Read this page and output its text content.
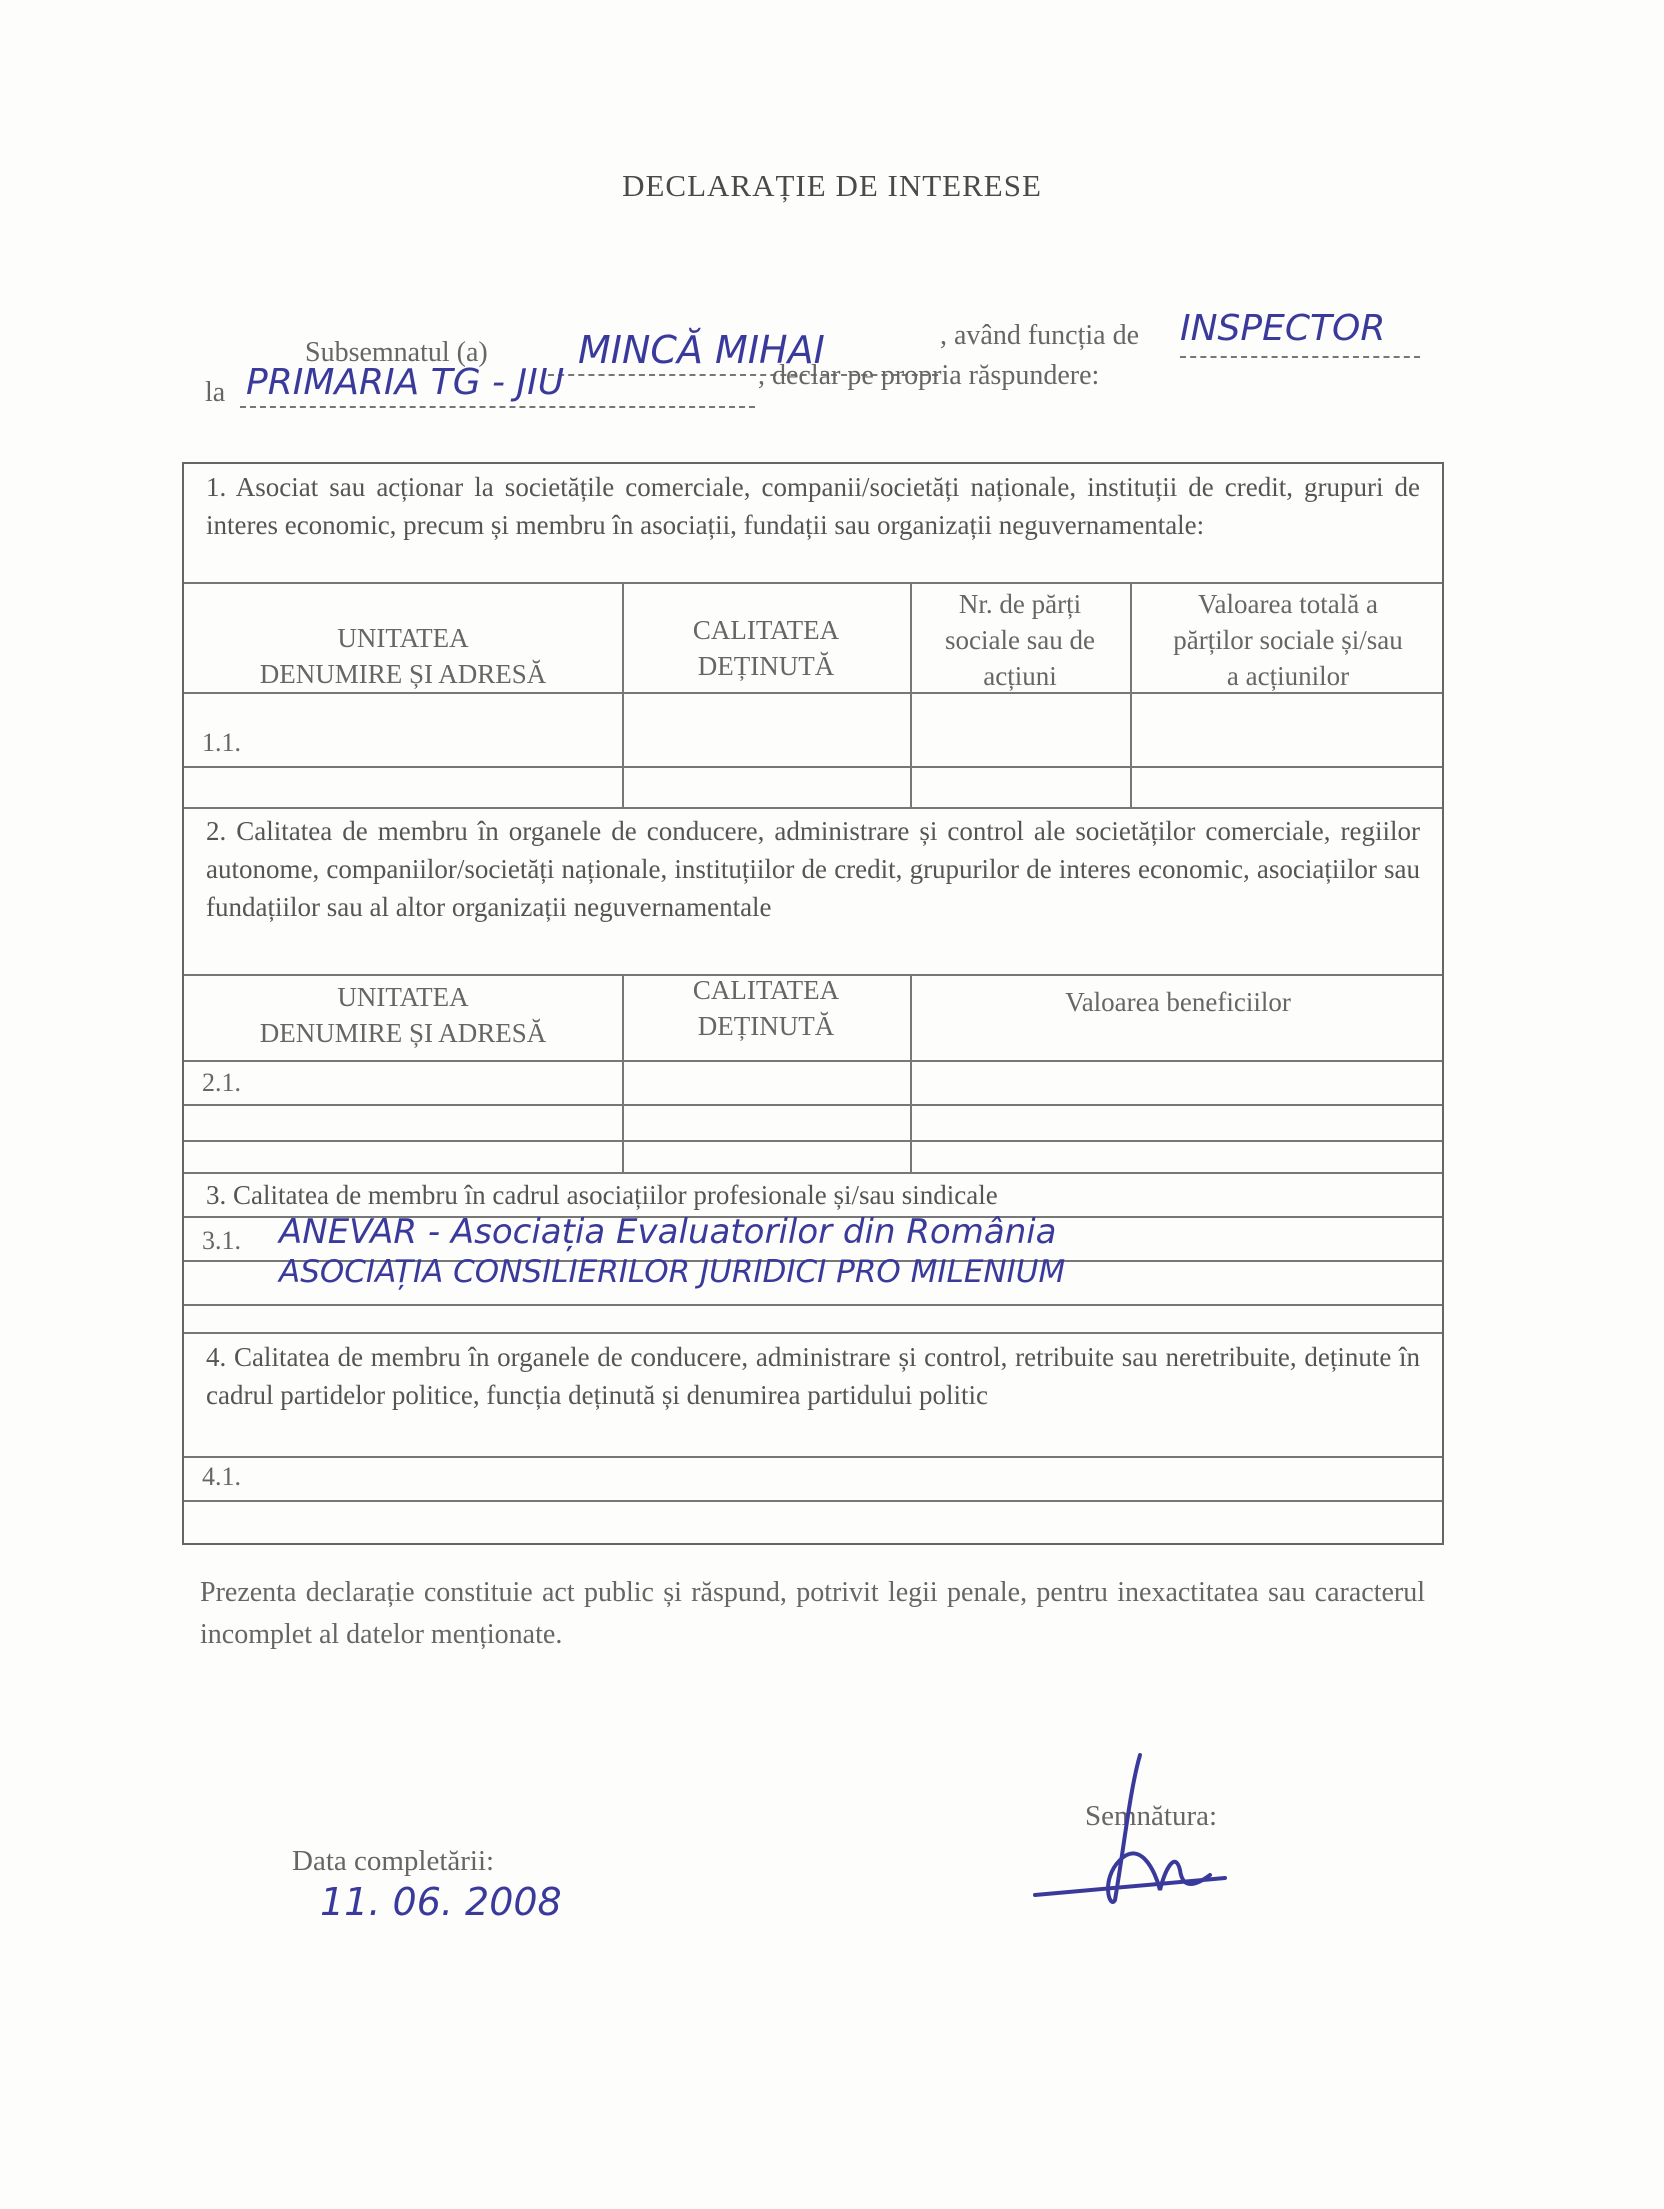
DECLARAȚIE DE INTERESE
Subsemnatul (a) MINCĂ MIHAI	, având funcția de INSPECTOR
la PRIMARIA TG - JIU	, declar pe propria răspundere:
1. Asociat sau acționar la societățile comerciale, companii/societăți naționale, instituții de credit, grupuri de interes economic, precum și membru în asociații, fundații sau organizații neguvernamentale:
UNITATEA
DENUMIRE ȘI ADRESĂ
CALITATEA
DEȚINUTĂ
Nr. de părți
sociale sau de
acțiuni
Valoarea totală a
părților sociale și/sau
a acțiunilor
1.1.
2. Calitatea de membru în organele de conducere, administrare și control ale societăților comerciale, regiilor autonome, companiilor/societăți naționale, instituțiilor de credit, grupurilor de interes economic, asociațiilor sau fundațiilor sau al altor organizații neguvernamentale
UNITATEA
DENUMIRE ȘI ADRESĂ
CALITATEA
DEȚINUTĂ
Valoarea beneficiilor
2.1.
3. Calitatea de membru în cadrul asociațiilor profesionale și/sau sindicale
3.1. ANEVAR - Asociația Evaluatorilor din România
ASOCIAȚIA CONSILIERILOR JURIDICI PRO MILENIUM
4. Calitatea de membru în organele de conducere, administrare și control, retribuite sau neretribuite, deținute în cadrul partidelor politice, funcția deținută și denumirea partidului politic
4.1.
Prezenta declarație constituie act public și răspund, potrivit legii penale, pentru inexactitatea sau caracterul incomplet al datelor menționate.
Data completării:
11. 06. 2008
Semnătura:
